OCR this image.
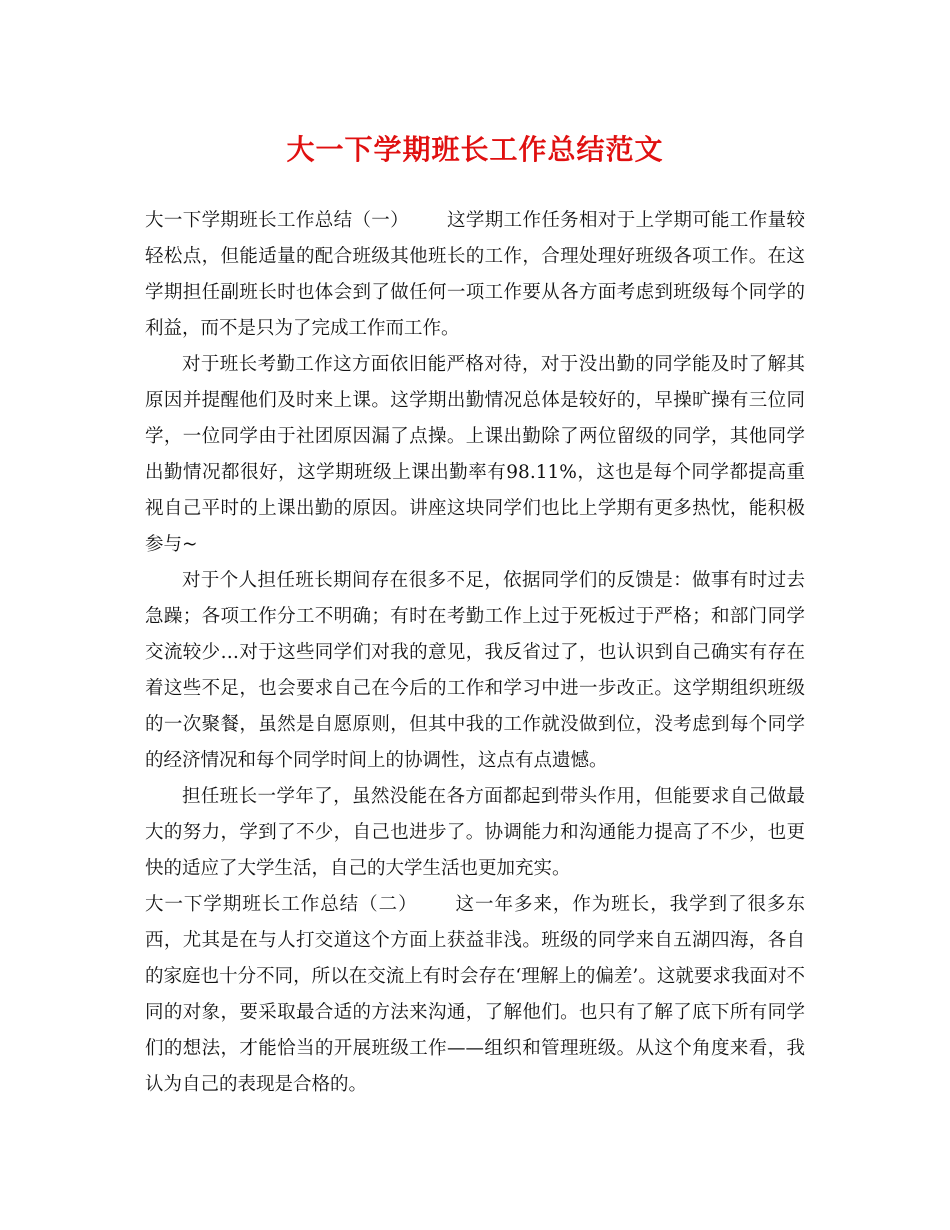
大一下学期班长工作总结范文

大一下学期班长工作总结（一） 这学期工作任务相对于上学期可能工作量较轻松点，但能适量的配合班级其他班长的工作，合理处理好班级各项工作。在这学期担任副班长时也体会到了做任何一项工作要从各方面考虑到班级每个同学的利益，而不是只为了完成工作而工作。

对于班长考勤工作这方面依旧能严格对待，对于没出勤的同学能及时了解其原因并提醒他们及时来上课。这学期出勤情况总体是较好的，早操旷操有三位同学，一位同学由于社团原因漏了点操。上课出勤除了两位留级的同学，其他同学出勤情况都很好，这学期班级上课出勤率有98.11%，这也是每个同学都提高重视自己平时的上课出勤的原因。讲座这块同学们也比上学期有更多热忱，能积极参与~

对于个人担任班长期间存在很多不足，依据同学们的反馈是：做事有时过去急躁；各项工作分工不明确；有时在考勤工作上过于死板过于严格；和部门同学交流较少…对于这些同学们对我的意见，我反省过了，也认识到自己确实有存在着这些不足，也会要求自己在今后的工作和学习中进一步改正。这学期组织班级的一次聚餐，虽然是自愿原则，但其中我的工作就没做到位，没考虑到每个同学的经济情况和每个同学时间上的协调性，这点有点遗憾。

担任班长一学年了，虽然没能在各方面都起到带头作用，但能要求自己做最大的努力，学到了不少，自己也进步了。协调能力和沟通能力提高了不少，也更快的适应了大学生活，自己的大学生活也更加充实。

大一下学期班长工作总结（二） 这一年多来，作为班长，我学到了很多东西，尤其是在与人打交道这个方面上获益非浅。班级的同学来自五湖四海，各自的家庭也十分不同，所以在交流上有时会存在‘理解上的偏差’。这就要求我面对不同的对象，要采取最合适的方法来沟通，了解他们。也只有了解了底下所有同学们的想法，才能恰当的开展班级工作——组织和管理班级。从这个角度来看，我认为自己的表现是合格的。
